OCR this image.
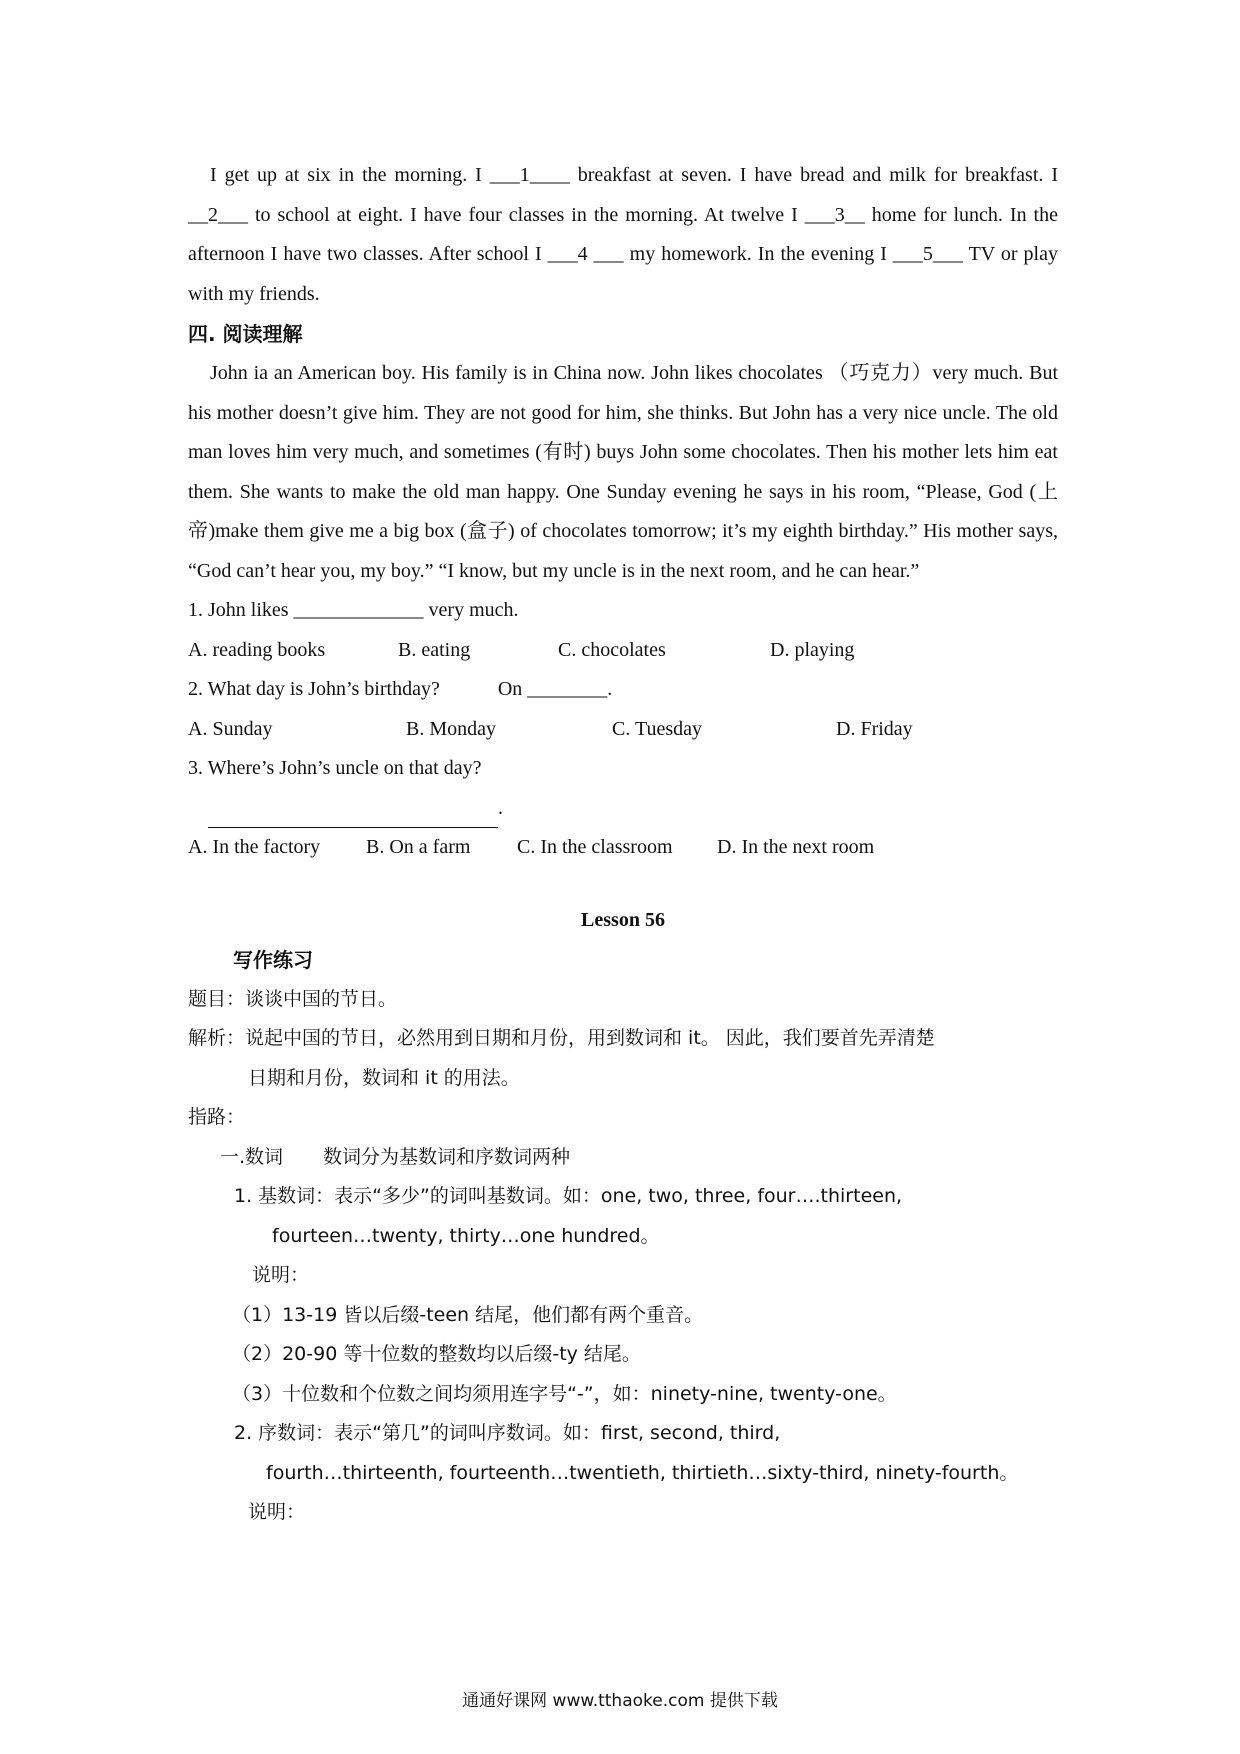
I get up at six in the morning. I ___1____ breakfast at seven. I have bread and milk for breakfast. I __2___ to school at eight. I have four classes in the morning. At twelve I ___3__ home for lunch. In the afternoon I have two classes. After school I ___4 ___ my homework. In the evening I ___5___ TV or play with my friends.

四. 阅读理解

John ia an American boy. His family is in China now. John likes chocolates （巧克力）very much. But his mother doesn’t give him. They are not good for him, she thinks. But John has a very nice uncle. The old man loves him very much, and sometimes (有时) buys John some chocolates. Then his mother lets him eat them. She wants to make the old man happy. One Sunday evening he says in his room, “Please, God (上帝)make them give me a big box (盒子) of chocolates tomorrow; it’s my eighth birthday.” His mother says, “God can’t hear you, my boy.” “I know, but my uncle is in the next room, and he can hear.”

1. John likes _____________ very much.
A. reading books	B. eating	C. chocolates	D. playing
2. What day is John’s birthday?	On ________.
A. Sunday	B. Monday	C. Tuesday	D. Friday
3. Where’s John’s uncle on that day?
.
A. In the factory B. On a farm C. In the classroom D. In the next room
Lesson 56
写作练习
题目：谈谈中国的节日。
解析：说起中国的节日，必然用到日期和月份，用到数词和 it。 因此，我们要首先弄清楚
日期和月份，数词和 it 的用法。
指路：
一.数词 数词分为基数词和序数词两种
1. 基数词：表示“多少”的词叫基数词。如：one, two, three, four….thirteen,
fourteen…twenty, thirty…one hundred。
说明：
（1）13-19 皆以后缀-teen 结尾，他们都有两个重音。
（2）20-90 等十位数的整数均以后缀-ty 结尾。
（3）十位数和个位数之间均须用连字号“-”，如：ninety-nine, twenty-one。
2. 序数词：表示“第几”的词叫序数词。如：first, second, third,
fourth…thirteenth, fourteenth…twentieth, thirtieth…sixty-third, ninety-fourth。
说明：
通通好课网 www.tthaoke.com 提供下载
